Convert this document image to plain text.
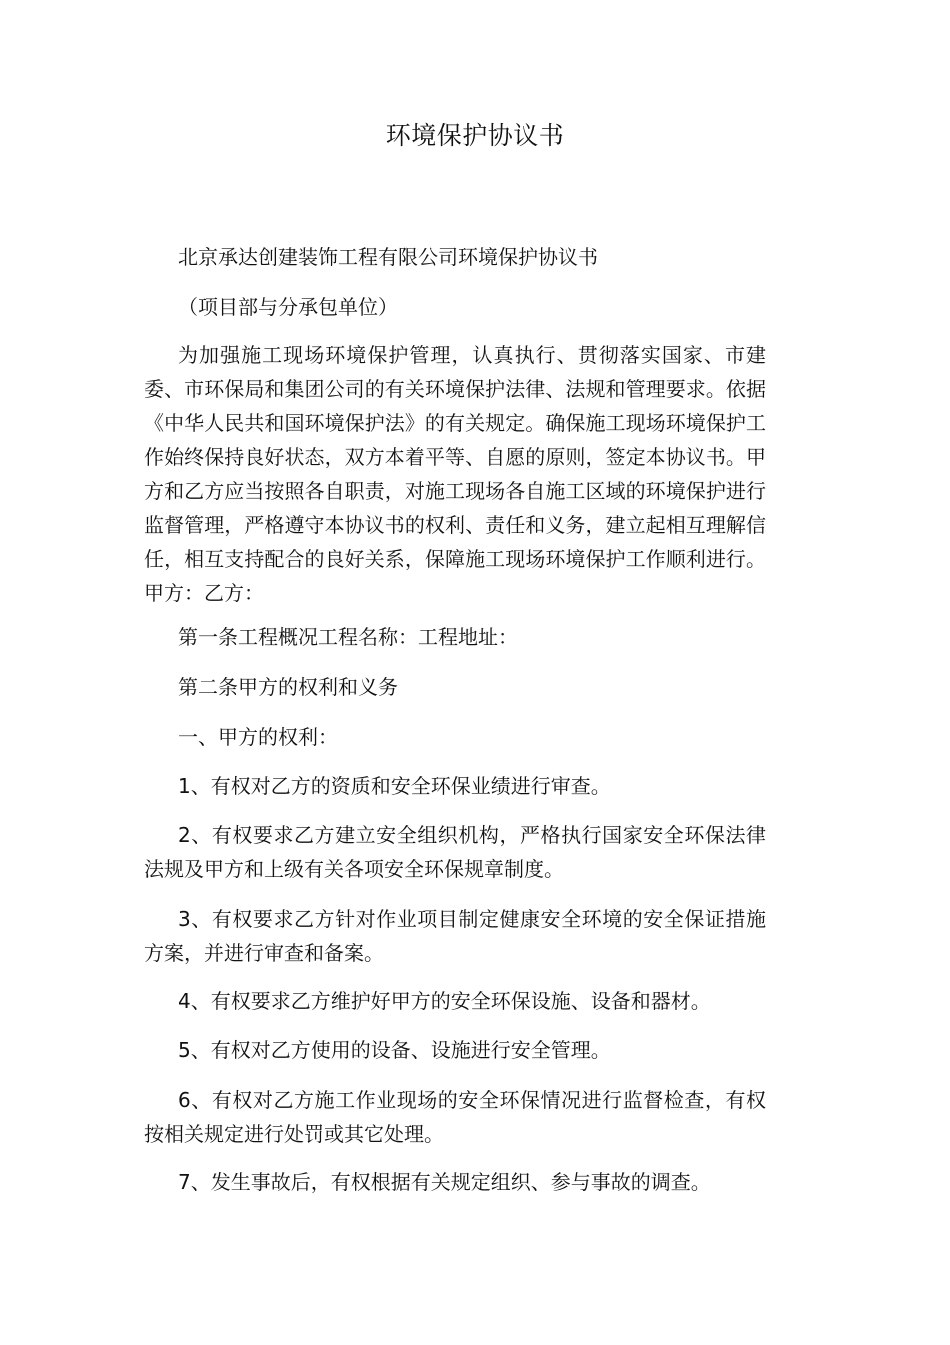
环境保护协议书

北京承达创建装饰工程有限公司环境保护协议书

（项目部与分承包单位）

为加强施工现场环境保护管理，认真执行、贯彻落实国家、市建委、市环保局和集团公司的有关环境保护法律、法规和管理要求。依据《中华人民共和国环境保护法》的有关规定。确保施工现场环境保护工作始终保持良好状态，双方本着平等、自愿的原则，签定本协议书。甲方和乙方应当按照各自职责，对施工现场各自施工区域的环境保护进行监督管理，严格遵守本协议书的权利、责任和义务，建立起相互理解信任，相互支持配合的良好关系，保障施工现场环境保护工作顺利进行。甲方：乙方：

第一条工程概况工程名称：工程地址：

第二条甲方的权利和义务

一、甲方的权利：

1、有权对乙方的资质和安全环保业绩进行审查。

2、有权要求乙方建立安全组织机构，严格执行国家安全环保法律法规及甲方和上级有关各项安全环保规章制度。

3、有权要求乙方针对作业项目制定健康安全环境的安全保证措施方案，并进行审查和备案。

4、有权要求乙方维护好甲方的安全环保设施、设备和器材。

5、有权对乙方使用的设备、设施进行安全管理。

6、有权对乙方施工作业现场的安全环保情况进行监督检查，有权按相关规定进行处罚或其它处理。

7、发生事故后，有权根据有关规定组织、参与事故的调查。
